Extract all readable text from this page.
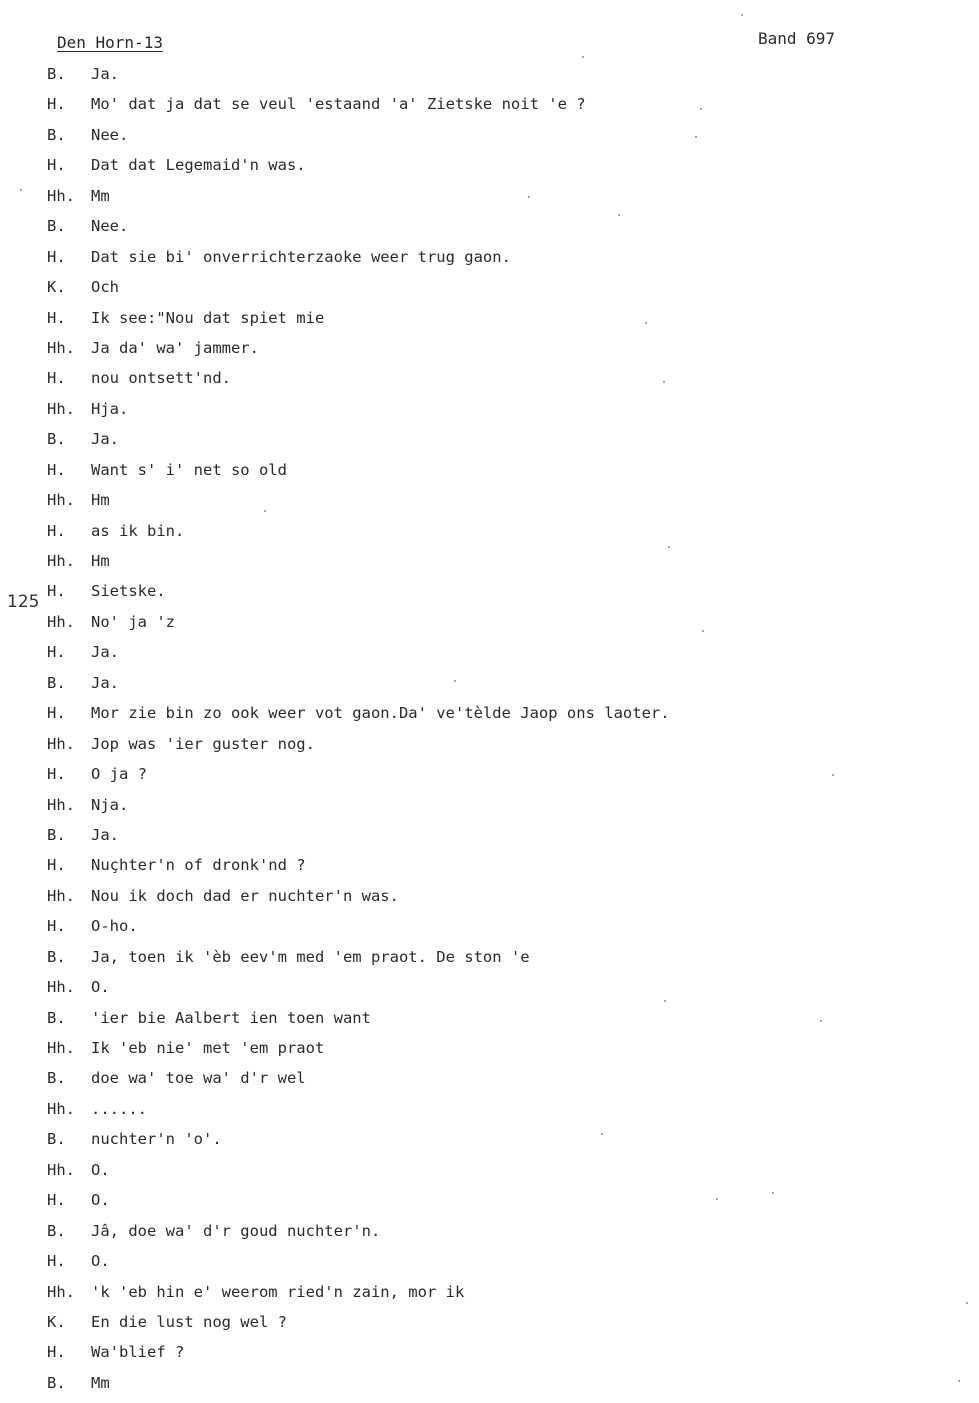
Den Horn-13	Band 697
125
B. Ja.
H. Mo' dat ja dat se veul 'estaand 'a' Zietske noit 'e ?
B. Nee.
H. Dat dat Legemaid'n was.
Hh. Mm
B. Nee.
H. Dat sie bi' onverrichterzaoke weer trug gaon.
K. Och
H. Ik see:"Nou dat spiet mie
Hh. Ja da' wa' jammer.
H. nou ontsett'nd.
Hh. Hja.
B. Ja.
H. Want s' i' net so old
Hh. Hm
H. as ik bin.
Hh. Hm
H. Sietske.
Hh. No' ja 'z
H. Ja.
B. Ja.
H. Mor zie bin zo ook weer vot gaon.Da' ve'tèlde Jaop ons laoter.
Hh. Jop was 'ier guster nog.
H. O ja ?
Hh. Nja.
B. Ja.
H. Nuçhter'n of dronk'nd ?
Hh. Nou ik doch dad er nuchter'n was.
H. O-ho.
B. Ja, toen ik 'èb eev'm med 'em praot. De ston 'e
Hh. O.
B. 'ier bie Aalbert ien toen want
Hh. Ik 'eb nie' met 'em praot
B. doe wa' toe wa' d'r wel
Hh. ......
B. nuchter'n 'o'.
Hh. O.
H. O.
B. Jâ, doe wa' d'r goud nuchter'n.
H. O.
Hh. 'k 'eb hin e' weerom ried'n zain, mor ik
K. En die lust nog wel ?
H. Wa'blief ?
B. Mm
